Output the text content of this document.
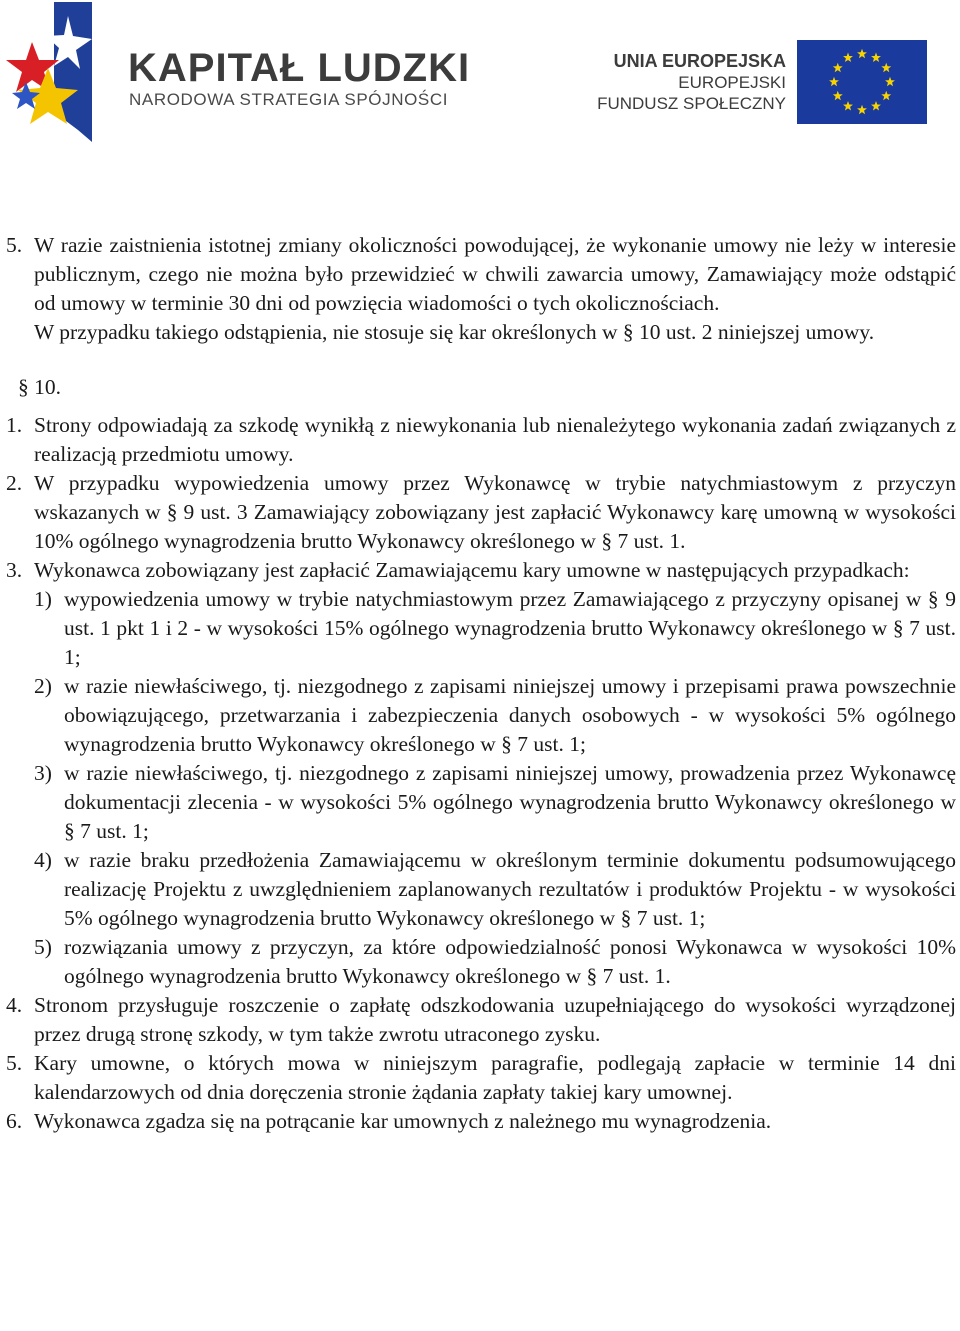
KAPITAŁ LUDZKI
NARODOWA STRATEGIA SPÓJNOŚCI
UNIA EUROPEJSKA
EUROPEJSKI
FUNDUSZ SPOŁECZNY

5. W razie zaistnienia istotnej zmiany okoliczności powodującej, że wykonanie umowy nie leży w interesie publicznym, czego nie można było przewidzieć w chwili zawarcia umowy, Zamawiający może odstąpić od umowy w terminie 30 dni od powzięcia wiadomości o tych okolicznościach.

W przypadku takiego odstąpienia, nie stosuje się kar określonych w § 10 ust. 2 niniejszej umowy.

§ 10.

1. Strony odpowiadają za szkodę wynikłą z niewykonania lub nienależytego wykonania zadań związanych z realizacją przedmiotu umowy.

2. W przypadku wypowiedzenia umowy przez Wykonawcę w trybie natychmiastowym z przyczyn wskazanych w § 9 ust. 3 Zamawiający zobowiązany jest zapłacić Wykonawcy karę umowną w wysokości 10% ogólnego wynagrodzenia brutto Wykonawcy określonego w § 7 ust. 1.

3. Wykonawca zobowiązany jest zapłacić Zamawiającemu kary umowne w następujących przypadkach:

1) wypowiedzenia umowy w trybie natychmiastowym przez Zamawiającego z przyczyny opisanej w § 9 ust. 1 pkt 1 i 2 - w wysokości 15% ogólnego wynagrodzenia brutto Wykonawcy określonego w § 7 ust. 1;

2) w razie niewłaściwego, tj. niezgodnego z zapisami niniejszej umowy i przepisami prawa powszechnie obowiązującego, przetwarzania i zabezpieczenia danych osobowych - w wysokości 5% ogólnego wynagrodzenia brutto Wykonawcy określonego w § 7 ust. 1;

3) w razie niewłaściwego, tj. niezgodnego z zapisami niniejszej umowy, prowadzenia przez Wykonawcę dokumentacji zlecenia - w wysokości 5% ogólnego wynagrodzenia brutto Wykonawcy określonego w § 7 ust. 1;

4) w razie braku przedłożenia Zamawiającemu w określonym terminie dokumentu podsumowującego realizację Projektu z uwzględnieniem zaplanowanych rezultatów i produktów Projektu - w wysokości 5% ogólnego wynagrodzenia brutto Wykonawcy określonego w § 7 ust. 1;

5) rozwiązania umowy z przyczyn, za które odpowiedzialność ponosi Wykonawca w wysokości 10% ogólnego wynagrodzenia brutto Wykonawcy określonego w § 7 ust. 1.

4. Stronom przysługuje roszczenie o zapłatę odszkodowania uzupełniającego do wysokości wyrządzonej przez drugą stronę szkody, w tym także zwrotu utraconego zysku.

5. Kary umowne, o których mowa w niniejszym paragrafie, podlegają zapłacie w terminie 14 dni kalendarzowych od dnia doręczenia stronie żądania zapłaty takiej kary umownej.

6. Wykonawca zgadza się na potrącanie kar umownych z należnego mu wynagrodzenia.
